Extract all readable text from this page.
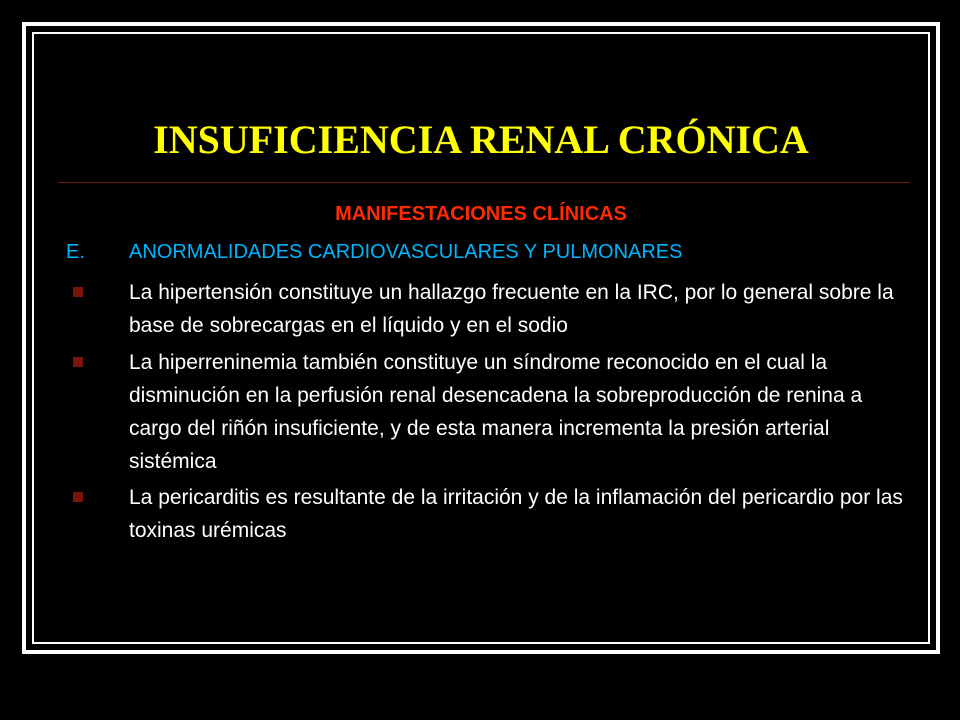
INSUFICIENCIA RENAL CRÓNICA
MANIFESTACIONES CLÍNICAS
E. ANORMALIDADES CARDIOVASCULARES Y PULMONARES
La hipertensión constituye un hallazgo frecuente en la IRC, por lo general sobre la base de sobrecargas en el líquido y en el sodio
La hiperreninemia también constituye un síndrome reconocido en el cual la disminución en la perfusión renal desencadena la sobreproducción de renina a cargo del riñón insuficiente, y de esta manera incrementa la presión arterial sistémica
La pericarditis es resultante de la irritación y de la inflamación del pericardio por las toxinas urémicas
